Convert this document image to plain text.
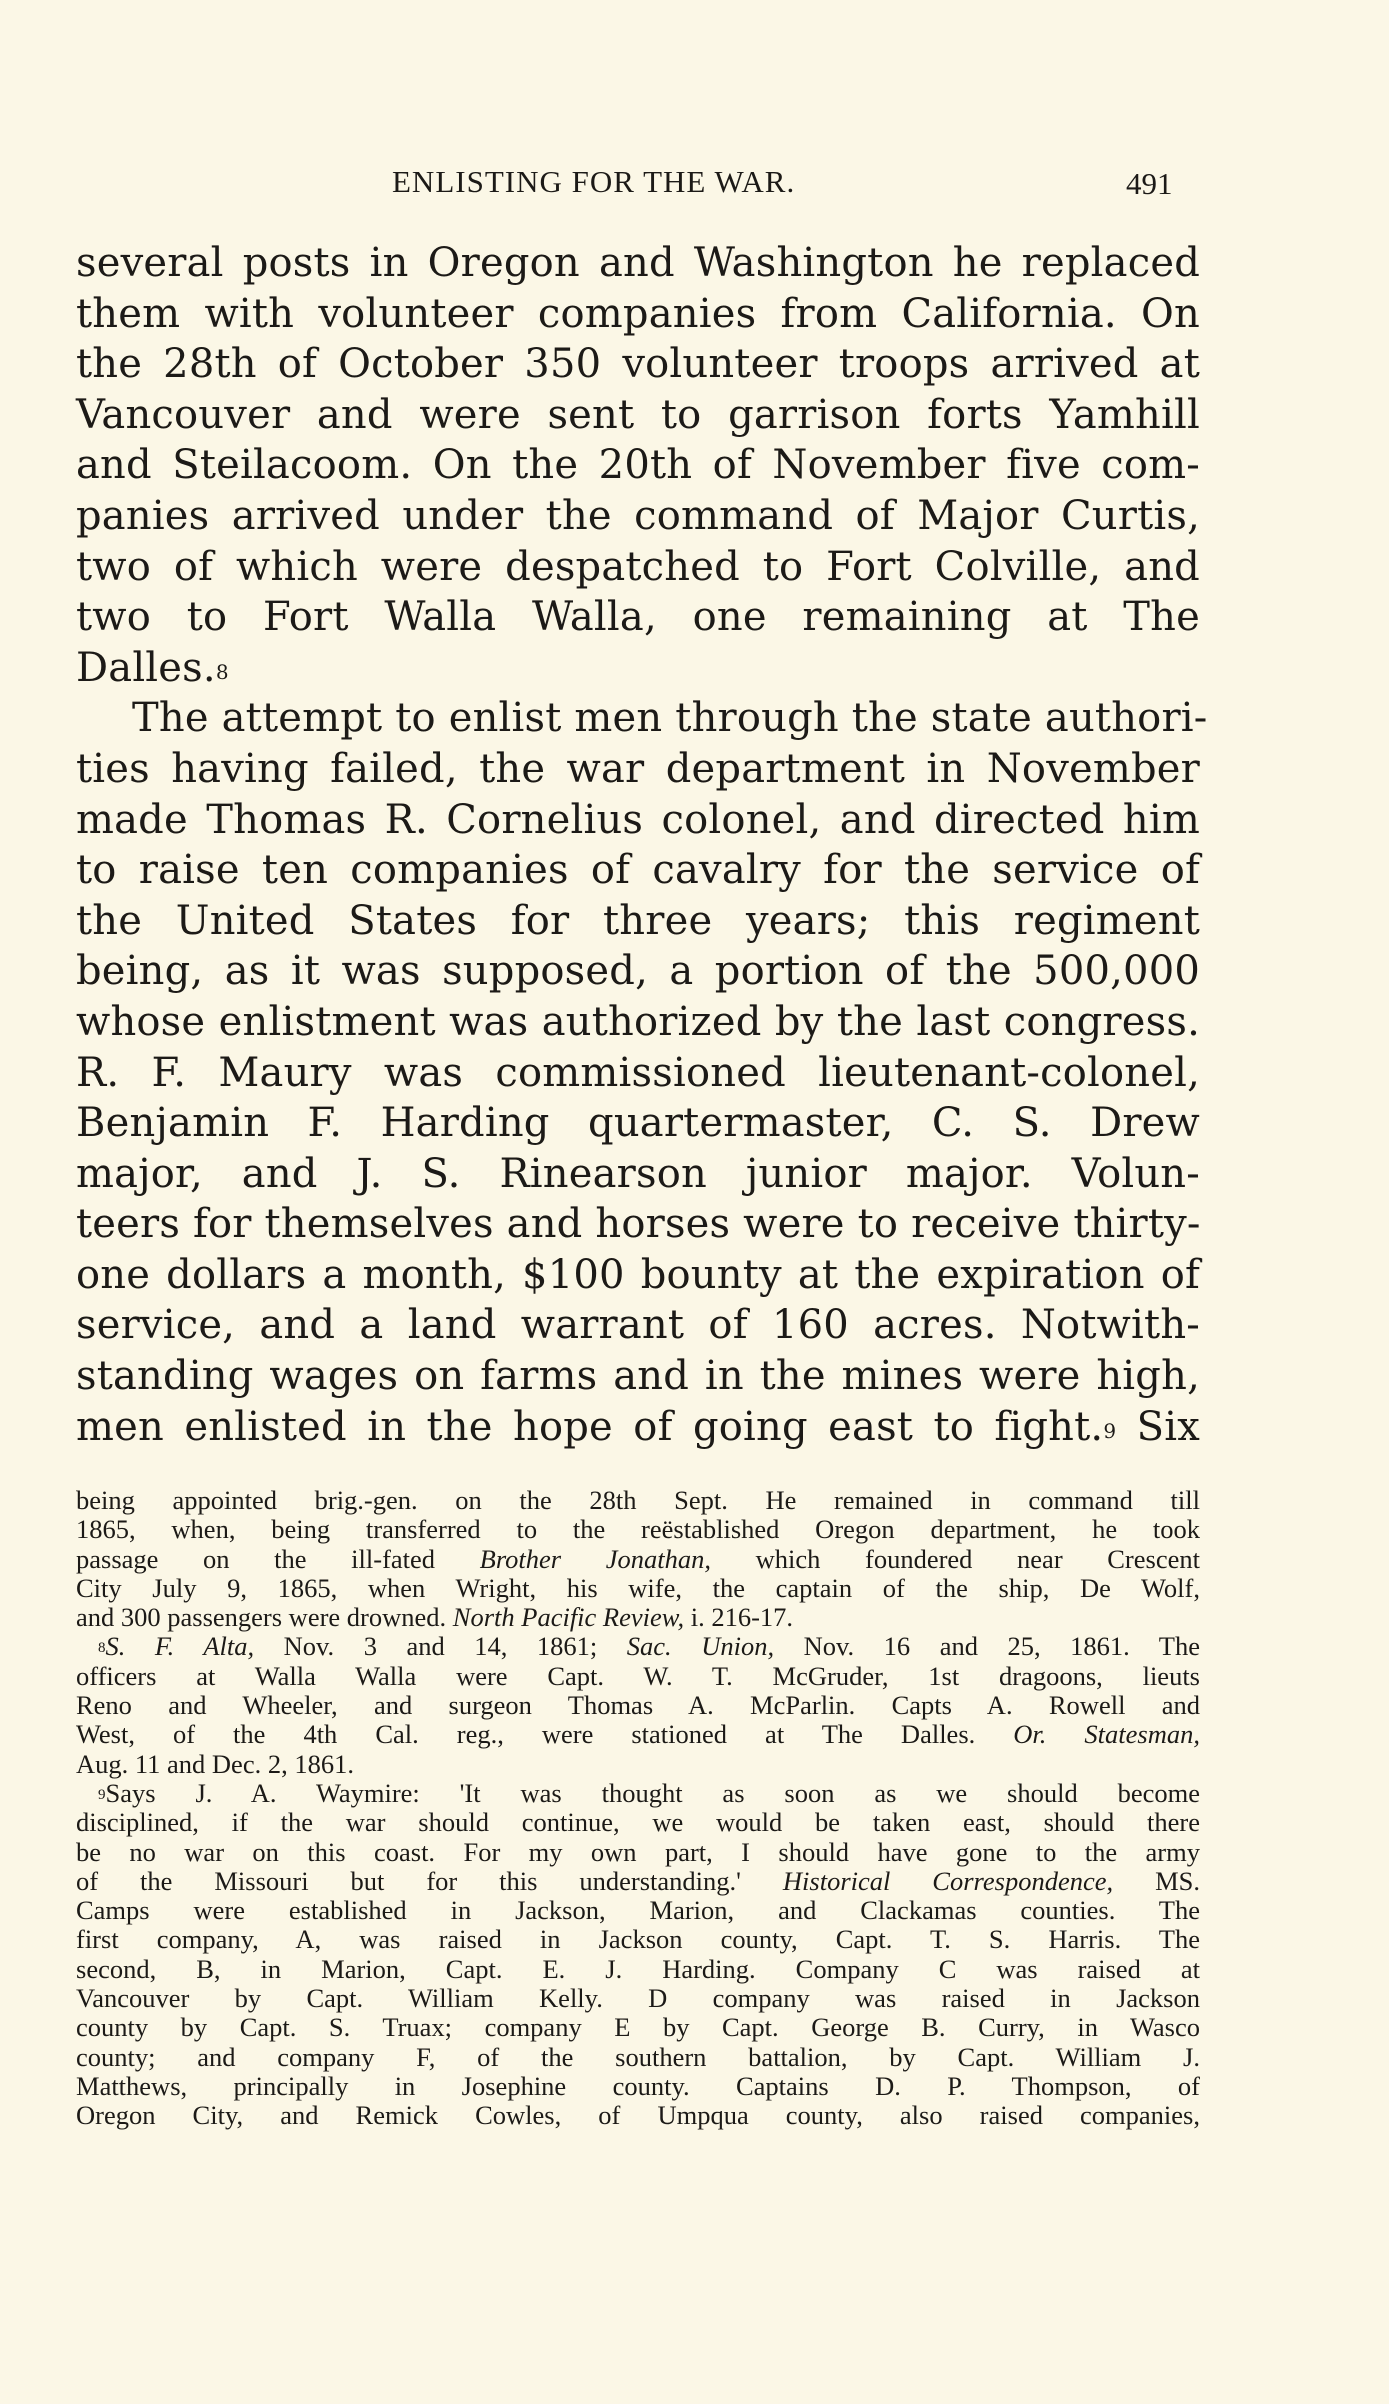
ENLISTING FOR THE WAR.	491
several posts in Oregon and Washington he replaced
them with volunteer companies from California. On
the 28th of October 350 volunteer troops arrived at
Vancouver and were sent to garrison forts Yamhill
and Steilacoom. On the 20th of November five com-
panies arrived under the command of Major Curtis,
two of which were despatched to Fort Colville, and
two to Fort Walla Walla, one remaining at The
Dalles.$^8$
The attempt to enlist men through the state authori-
ties having failed, the war department in November
made Thomas R. Cornelius colonel, and directed him
to raise ten companies of cavalry for the service of
the United States for three years; this regiment
being, as it was supposed, a portion of the 500,000
whose enlistment was authorized by the last congress.
R. F. Maury was commissioned lieutenant-colonel,
Benjamin F. Harding quartermaster, C. S. Drew
major, and J. S. Rinearson junior major. Volun-
teers for themselves and horses were to receive thirty-
one dollars a month, $100 bounty at the expiration of
service, and a land warrant of 160 acres. Notwith-
standing wages on farms and in the mines were high,
men enlisted in the hope of going east to fight.$^9$ Six
being appointed brig.-gen. on the 28th Sept. He remained in command till
1865, when, being transferred to the reëstablished Oregon department, he took
passage on the ill-fated Brother Jonathan, which foundered near Crescent
City July 9, 1865, when Wright, his wife, the captain of the ship, De Wolf,
and 300 passengers were drowned. North Pacific Review, i. 216-17.
$^8$S. F. Alta, Nov. 3 and 14, 1861; Sac. Union, Nov. 16 and 25, 1861. The
officers at Walla Walla were Capt. W. T. McGruder, 1st dragoons, lieuts
Reno and Wheeler, and surgeon Thomas A. McParlin. Capts A. Rowell and
West, of the 4th Cal. reg., were stationed at The Dalles. Or. Statesman,
Aug. 11 and Dec. 2, 1861.
$^9$Says J. A. Waymire: 'It was thought as soon as we should become
disciplined, if the war should continue, we would be taken east, should there
be no war on this coast. For my own part, I should have gone to the army
of the Missouri but for this understanding.' Historical Correspondence, MS.
Camps were established in Jackson, Marion, and Clackamas counties. The
first company, A, was raised in Jackson county, Capt. T. S. Harris. The
second, B, in Marion, Capt. E. J. Harding. Company C was raised at
Vancouver by Capt. William Kelly. D company was raised in Jackson
county by Capt. S. Truax; company E by Capt. George B. Curry, in Wasco
county; and company F, of the southern battalion, by Capt. William J.
Matthews, principally in Josephine county. Captains D. P. Thompson, of
Oregon City, and Remick Cowles, of Umpqua county, also raised companies,
